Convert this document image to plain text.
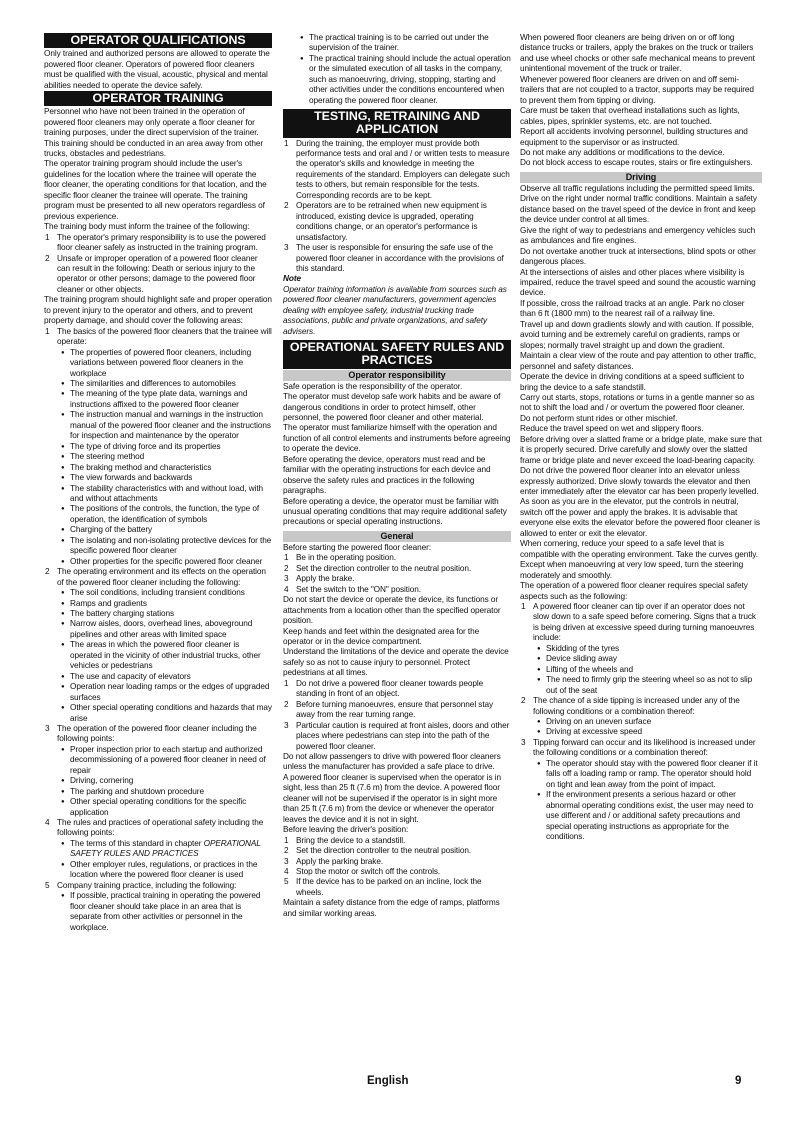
OPERATOR QUALIFICATIONS

Only trained and authorized persons are allowed to operate the powered floor cleaner. Operators of powered floor cleaners must be qualified with the visual, acoustic, physical and mental abilities needed to operate the device safely.

OPERATOR TRAINING

Personnel who have not been trained in the operation of powered floor cleaners may only operate a floor cleaner for training purposes, under the direct supervision of the trainer. This training should be conducted in an area away from other trucks, obstacles and pedestrians.

The operator training program should include the user's guidelines for the location where the trainee will operate the floor cleaner, the operating conditions for that location, and the specific floor cleaner the trainee will operate. The training program must be presented to all new operators regardless of previous experience.

The training body must inform the trainee of the following:

1 The operator's primary responsibility is to use the powered floor cleaner safely as instructed in the training program.
2 Unsafe or improper operation of a powered floor cleaner can result in the following: Death or serious injury to the operator or other persons; damage to the powered floor cleaner or other objects.

The training program should highlight safe and proper operation to prevent injury to the operator and others, and to prevent property damage, and should cover the following areas:

1 The basics of the powered floor cleaners that the trainee will operate:
● The properties of powered floor cleaners, including variations between powered floor cleaners in the workplace
● The similarities and differences to automobiles
● The meaning of the type plate data, warnings and instructions affixed to the powered floor cleaner
● The instruction manual and warnings in the instruction manual of the powered floor cleaner and the instructions for inspection and maintenance by the operator
● The type of driving force and its properties
● The steering method
● The braking method and characteristics
● The view forwards and backwards
● The stability characteristics with and without load, with and without attachments
● The positions of the controls, the function, the type of operation, the identification of symbols
● Charging of the battery
● The isolating and non-isolating protective devices for the specific powered floor cleaner
● Other properties for the specific powered floor cleaner
2 The operating environment and its effects on the operation of the powered floor cleaner including the following:
● The soil conditions, including transient conditions
● Ramps and gradients
● The battery charging stations
● Narrow aisles, doors, overhead lines, aboveground pipelines and other areas with limited space
● The areas in which the powered floor cleaner is operated in the vicinity of other industrial trucks, other vehicles or pedestrians
● The use and capacity of elevators
● Operation near loading ramps or the edges of upgraded surfaces
● Other special operating conditions and hazards that may arise
3 The operation of the powered floor cleaner including the following points:
● Proper inspection prior to each startup and authorized decommissioning of a powered floor cleaner in need of repair
● Driving, cornering
● The parking and shutdown procedure
● Other special operating conditions for the specific application
4 The rules and practices of operational safety including the following points:
● The terms of this standard in chapter OPERATIONAL SAFETY RULES AND PRACTICES
● Other employer rules, regulations, or practices in the location where the powered floor cleaner is used
5 Company training practice, including the following:
● If possible, practical training in operating the powered floor cleaner should take place in an area that is separate from other activities or personnel in the workplace.
● The practical training is to be carried out under the supervision of the trainer.
● The practical training should include the actual operation or the simulated execution of all tasks in the company, such as manoeuvring, driving, stopping, starting and other activities under the conditions encountered when operating the powered floor cleaner.
TESTING, RETRAINING AND APPLICATION
1 During the training, the employer must provide both performance tests and oral and / or written tests to measure the operator's skills and knowledge in meeting the requirements of the standard. Employers can delegate such tests to others, but remain responsible for the tests. Corresponding records are to be kept.
2 Operators are to be retrained when new equipment is introduced, existing device is upgraded, operating conditions change, or an operator's performance is unsatisfactory.
3 The user is responsible for ensuring the safe use of the powered floor cleaner in accordance with the provisions of this standard.

Note

Operator training information is available from sources such as powered floor cleaner manufacturers, government agencies dealing with employee safety, industrial trucking trade associations, public and private organizations, and safety advisers.

OPERATIONAL SAFETY RULES AND PRACTICES
Operator responsibility

Safe operation is the responsibility of the operator.

The operator must develop safe work habits and be aware of dangerous conditions in order to protect himself, other personnel, the powered floor cleaner and other material.

The operator must familiarize himself with the operation and function of all control elements and instruments before agreeing to operate the device.

Before operating the device, operators must read and be familiar with the operating instructions for each device and observe the safety rules and practices in the following paragraphs.

Before operating a device, the operator must be familiar with unusual operating conditions that may require additional safety precautions or special operating instructions.

General

Before starting the powered floor cleaner:

1 Be in the operating position.
2 Set the direction controller to the neutral position.
3 Apply the brake.
4 Set the switch to the "ON" position.

Do not start the device or operate the device, its functions or attachments from a location other than the specified operator position.

Keep hands and feet within the designated area for the operator or in the device compartment.

Understand the limitations of the device and operate the device safely so as not to cause injury to personnel. Protect pedestrians at all times.

1 Do not drive a powered floor cleaner towards people standing in front of an object.
2 Before turning manoeuvres, ensure that personnel stay away from the rear turning range.
3 Particular caution is required at front aisles, doors and other places where pedestrians can step into the path of the powered floor cleaner.

Do not allow passengers to drive with powered floor cleaners unless the manufacturer has provided a safe place to drive.

A powered floor cleaner is supervised when the operator is in sight, less than 25 ft (7.6 m) from the device. A powered floor cleaner will not be supervised if the operator is in sight more than 25 ft (7.6 m) from the device or whenever the operator leaves the device and it is not in sight.

Before leaving the driver's position:

1 Bring the device to a standstill.
2 Set the direction controller to the neutral position.
3 Apply the parking brake.
4 Stop the motor or switch off the controls.
5 If the device has to be parked on an incline, lock the wheels.

Maintain a safety distance from the edge of ramps, platforms and similar working areas.

When powered floor cleaners are being driven on or off long distance trucks or trailers, apply the brakes on the truck or trailers and use wheel chocks or other safe mechanical means to prevent unintentional movement of the truck or trailer.

Whenever powered floor cleaners are driven on and off semi-trailers that are not coupled to a tractor, supports may be required to prevent them from tipping or diving.

Care must be taken that overhead installations such as lights, cables, pipes, sprinkler systems, etc. are not touched.

Report all accidents involving personnel, building structures and equipment to the supervisor or as instructed.

Do not make any additions or modifications to the device.

Do not block access to escape routes, stairs or fire extinguishers.

Driving

Observe all traffic regulations including the permitted speed limits. Drive on the right under normal traffic conditions. Maintain a safety distance based on the travel speed of the device in front and keep the device under control at all times.

Give the right of way to pedestrians and emergency vehicles such as ambulances and fire engines.

Do not overtake another truck at intersections, blind spots or other dangerous places.

At the intersections of aisles and other places where visibility is impaired, reduce the travel speed and sound the acoustic warning device.

If possible, cross the railroad tracks at an angle. Park no closer than 6 ft (1800 mm) to the nearest rail of a railway line.

Travel up and down gradients slowly and with caution. If possible, avoid turning and be extremely careful on gradients, ramps or slopes; normally travel straight up and down the gradient.

Maintain a clear view of the route and pay attention to other traffic, personnel and safety distances.

Operate the device in driving conditions at a speed sufficient to bring the device to a safe standstill.

Carry out starts, stops, rotations or turns in a gentle manner so as not to shift the load and / or overturn the powered floor cleaner.

Do not perform stunt rides or other mischief.

Reduce the travel speed on wet and slippery floors.

Before driving over a slatted frame or a bridge plate, make sure that it is properly secured. Drive carefully and slowly over the slatted frame or bridge plate and never exceed the load-bearing capacity.

Do not drive the powered floor cleaner into an elevator unless expressly authorized. Drive slowly towards the elevator and then enter immediately after the elevator car has been properly levelled. As soon as you are in the elevator, put the controls in neutral, switch off the power and apply the brakes. It is advisable that everyone else exits the elevator before the powered floor cleaner is allowed to enter or exit the elevator.

When cornering, reduce your speed to a safe level that is compatible with the operating environment. Take the curves gently. Except when manoeuvring at very low speed, turn the steering moderately and smoothly.

The operation of a powered floor cleaner requires special safety aspects such as the following:

1 A powered floor cleaner can tip over if an operator does not slow down to a safe speed before cornering. Signs that a truck is being driven at excessive speed during turning manoeuvres include:
● Skidding of the tyres
● Device sliding away
● Lifting of the wheels and
● The need to firmly grip the steering wheel so as not to slip out of the seat
2 The chance of a side tipping is increased under any of the following conditions or a combination thereof:
● Driving on an uneven surface
● Driving at excessive speed
3 Tipping forward can occur and its likelihood is increased under the following conditions or a combination thereof:
● The operator should stay with the powered floor cleaner if it falls off a loading ramp or ramp. The operator should hold on tight and lean away from the point of impact.
● If the environment presents a serious hazard or other abnormal operating conditions exist, the user may need to use different and / or additional safety precautions and special operating instructions as appropriate for the conditions.
English	9
